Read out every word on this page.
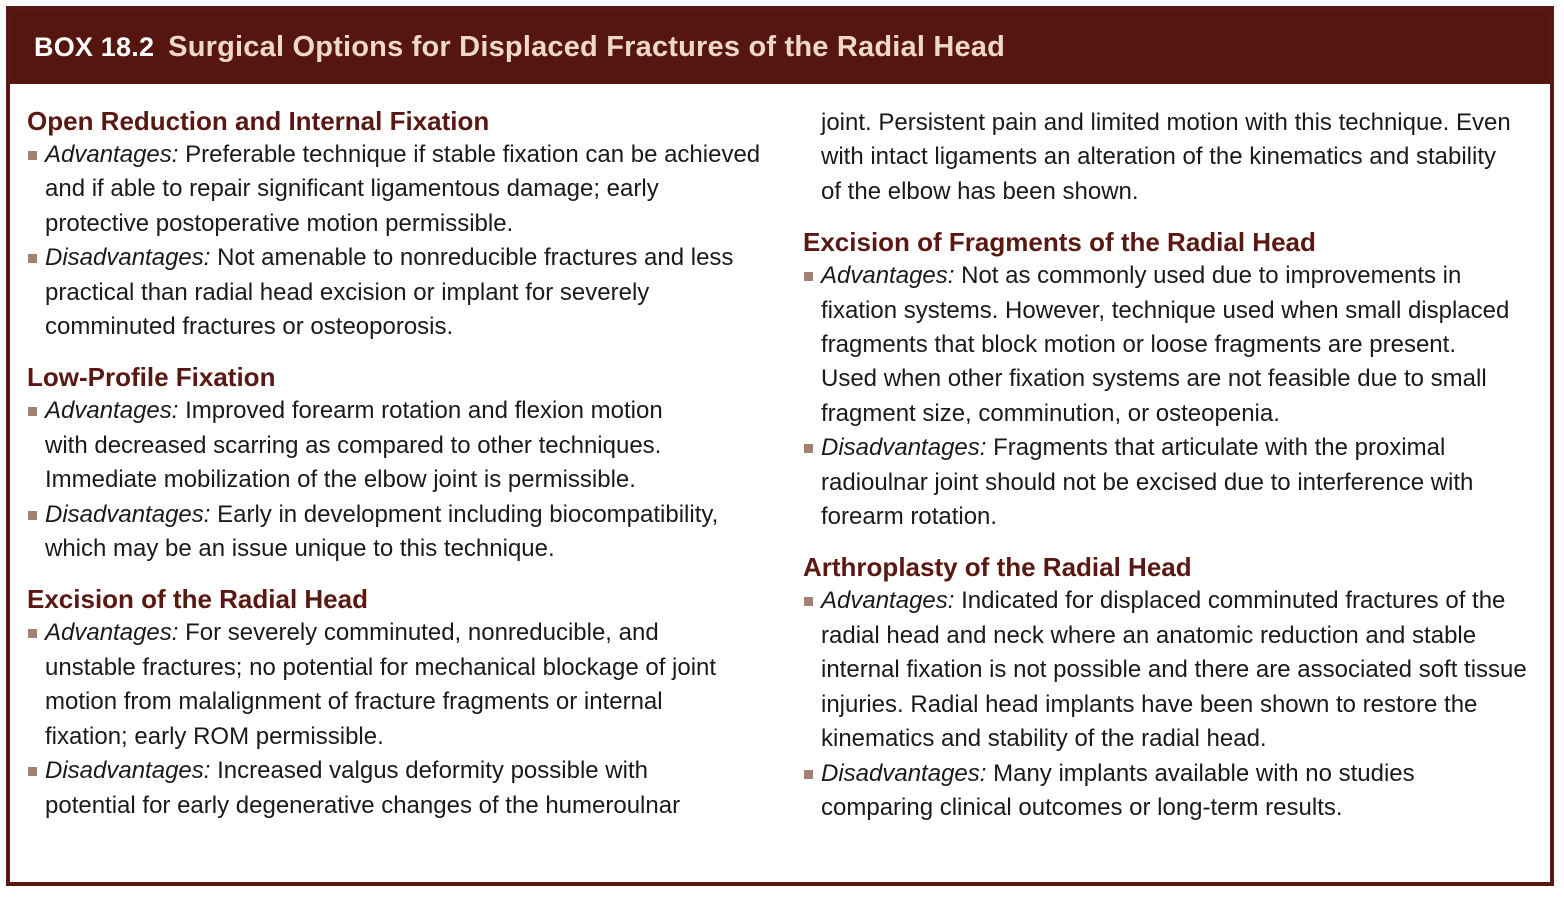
BOX 18.2 Surgical Options for Displaced Fractures of the Radial Head

Open Reduction and Internal Fixation

Advantages: Preferable technique if stable fixation can be achieved and if able to repair significant ligamentous damage; early protective postoperative motion permissible.

Disadvantages: Not amenable to nonreducible fractures and less practical than radial head excision or implant for severely comminuted fractures or osteoporosis.

Low-Profile Fixation

Advantages: Improved forearm rotation and flexion motion with decreased scarring as compared to other techniques. Immediate mobilization of the elbow joint is permissible.

Disadvantages: Early in development including biocompatibility, which may be an issue unique to this technique.

Excision of the Radial Head

Advantages: For severely comminuted, nonreducible, and unstable fractures; no potential for mechanical blockage of joint motion from malalignment of fracture fragments or internal fixation; early ROM permissible.

Disadvantages: Increased valgus deformity possible with potential for early degenerative changes of the humeroulnar

joint. Persistent pain and limited motion with this technique. Even with intact ligaments an alteration of the kinematics and stability of the elbow has been shown.

Excision of Fragments of the Radial Head

Advantages: Not as commonly used due to improvements in fixation systems. However, technique used when small displaced fragments that block motion or loose fragments are present. Used when other fixation systems are not feasible due to small fragment size, comminution, or osteopenia.

Disadvantages: Fragments that articulate with the proximal radioulnar joint should not be excised due to interference with forearm rotation.

Arthroplasty of the Radial Head

Advantages: Indicated for displaced comminuted fractures of the radial head and neck where an anatomic reduction and stable internal fixation is not possible and there are associated soft tissue injuries. Radial head implants have been shown to restore the kinematics and stability of the radial head.

Disadvantages: Many implants available with no studies comparing clinical outcomes or long-term results.
